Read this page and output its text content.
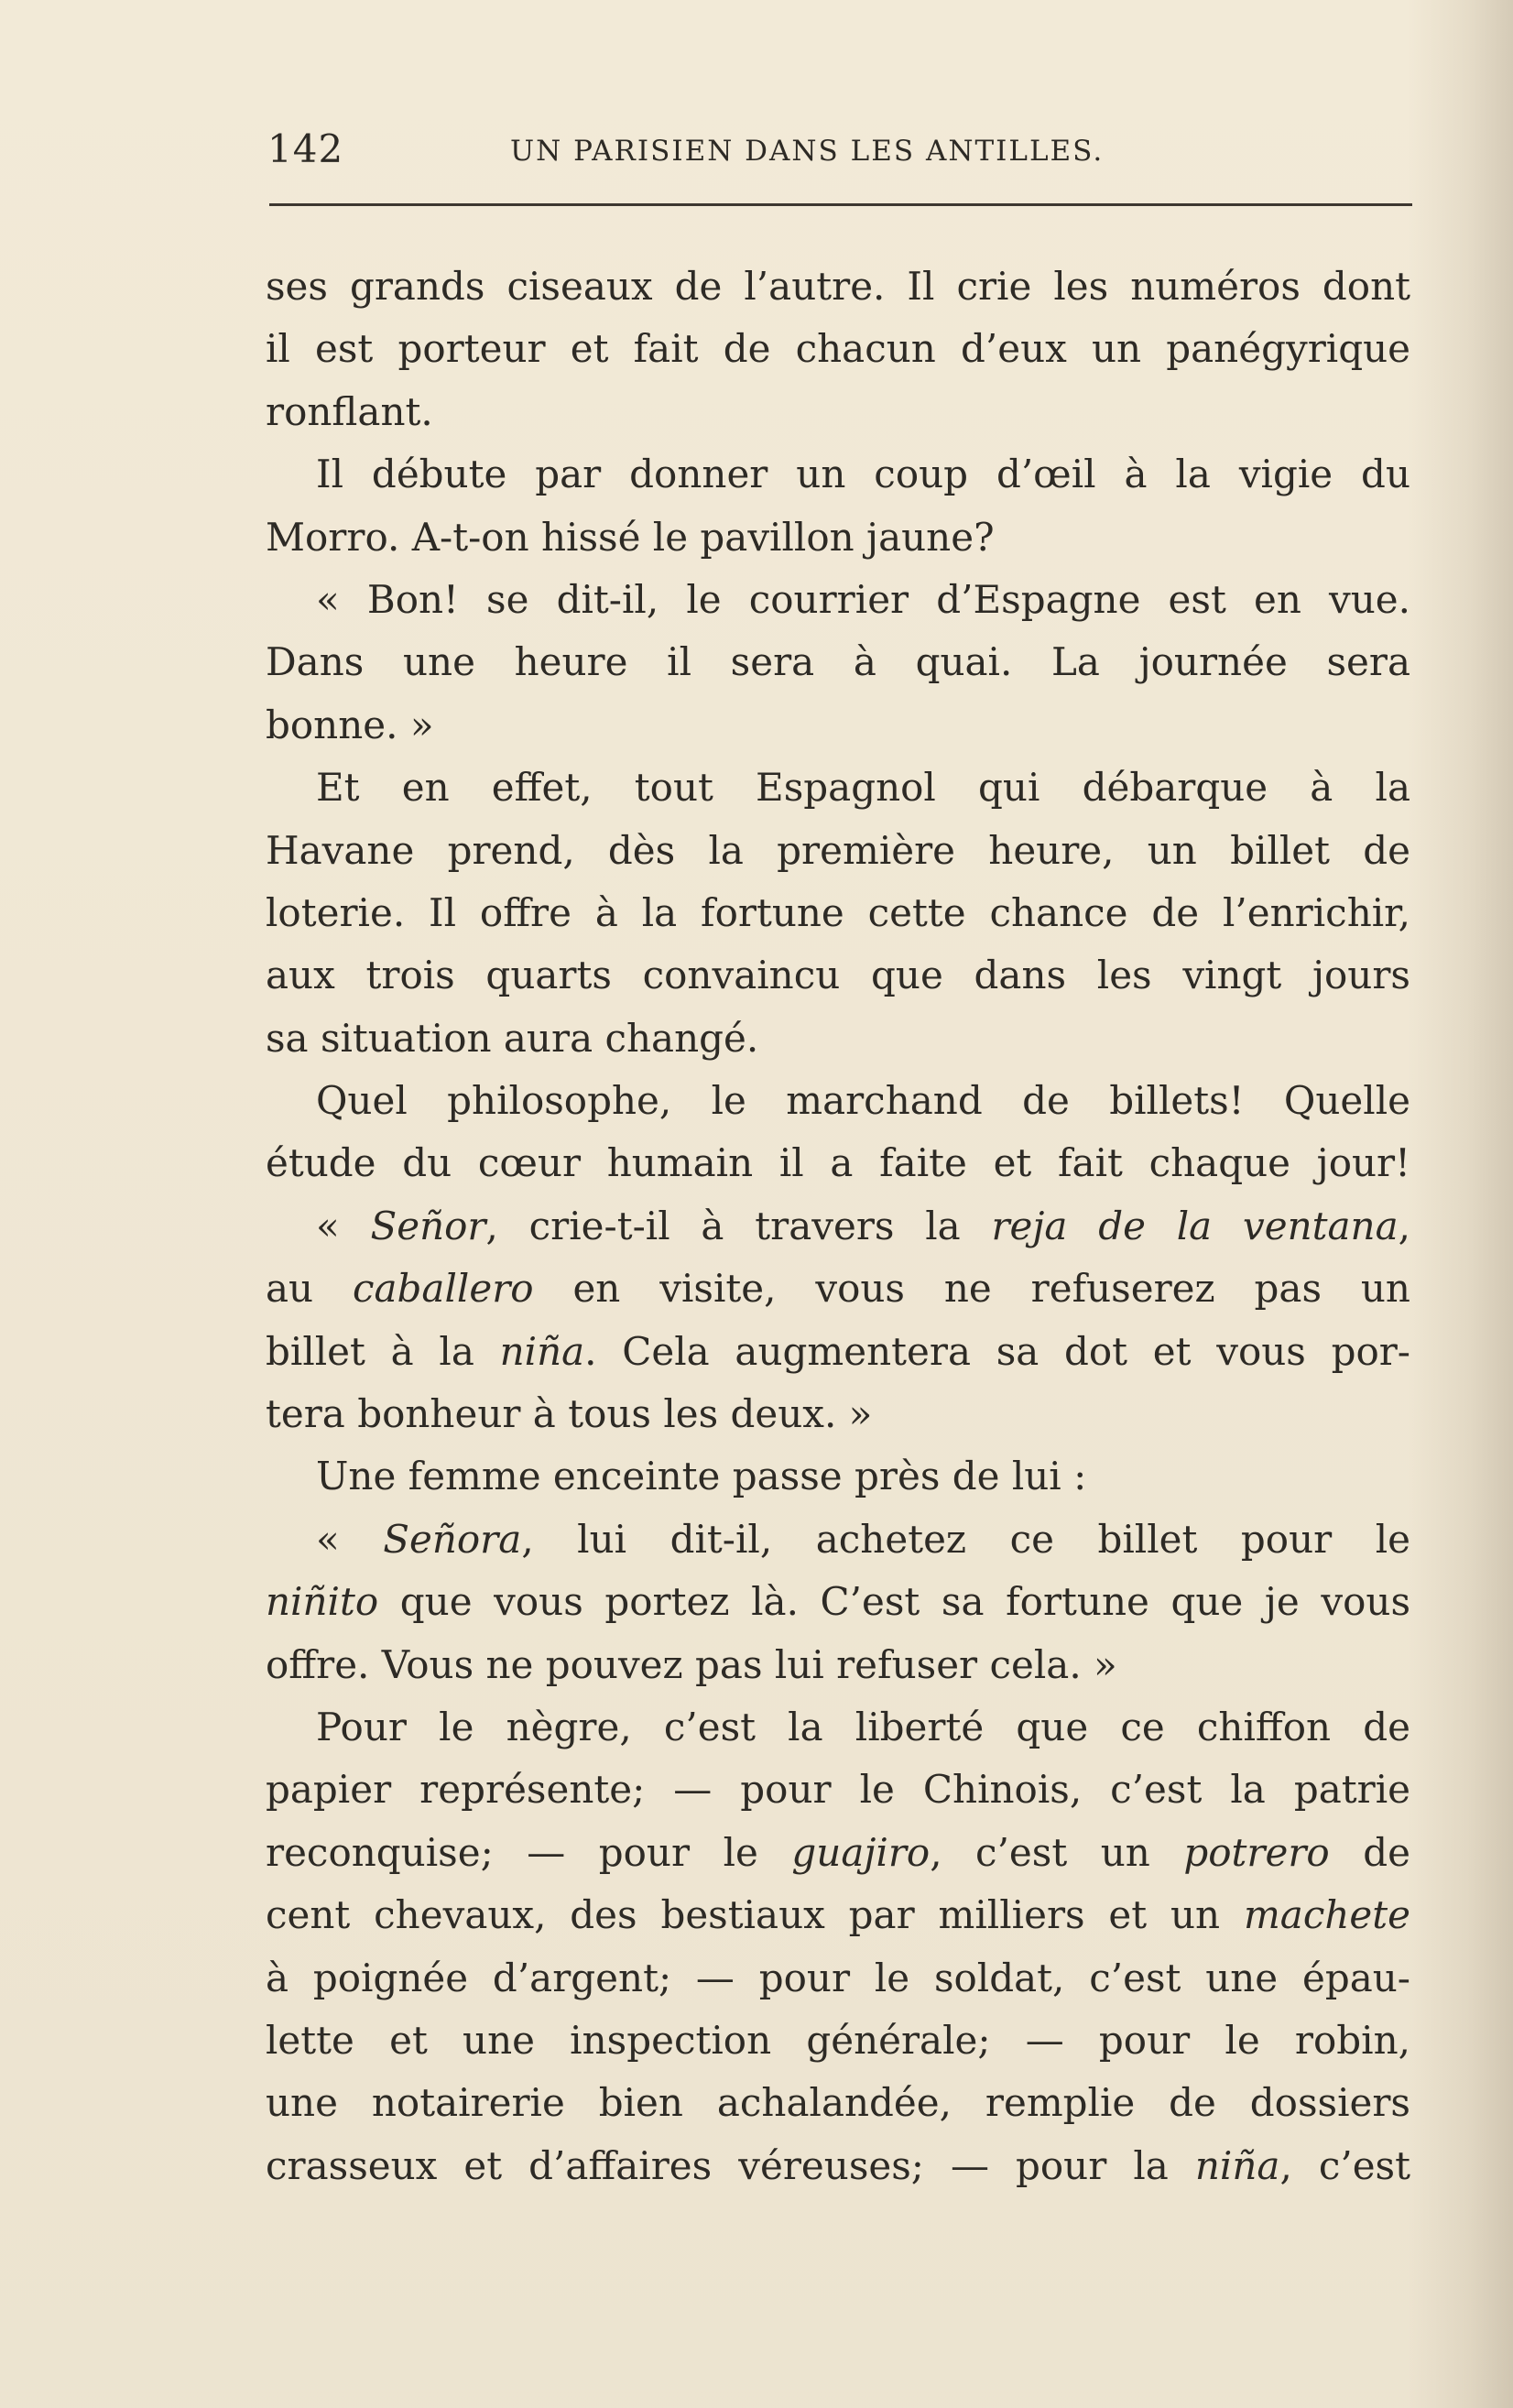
142	UN PARISIEN DANS LES ANTILLES.
ses grands ciseaux de l’autre. Il crie les numéros dont
il est porteur et fait de chacun d’eux un panégyrique
ronflant.
Il débute par donner un coup d’œil à la vigie du
Morro. A-t-on hissé le pavillon jaune?
« Bon! se dit-il, le courrier d’Espagne est en vue.
Dans une heure il sera à quai. La journée sera
bonne. »
Et en effet, tout Espagnol qui débarque à la
Havane prend, dès la première heure, un billet de
loterie. Il offre à la fortune cette chance de l’enrichir,
aux trois quarts convaincu que dans les vingt jours
sa situation aura changé.
Quel philosophe, le marchand de billets! Quelle
étude du cœur humain il a faite et fait chaque jour!
« Señor, crie-t-il à travers la reja de la ventana,
au caballero en visite, vous ne refuserez pas un
billet à la niña. Cela augmentera sa dot et vous por-
tera bonheur à tous les deux. »
Une femme enceinte passe près de lui :
« Señora, lui dit-il, achetez ce billet pour le
niñito que vous portez là. C’est sa fortune que je vous
offre. Vous ne pouvez pas lui refuser cela. »
Pour le nègre, c’est la liberté que ce chiffon de
papier représente; — pour le Chinois, c’est la patrie
reconquise; — pour le guajiro, c’est un potrero de
cent chevaux, des bestiaux par milliers et un machete
à poignée d’argent; — pour le soldat, c’est une épau-
lette et une inspection générale; — pour le robin,
une notairerie bien achalandée, remplie de dossiers
crasseux et d’affaires véreuses; — pour la niña, c’est
